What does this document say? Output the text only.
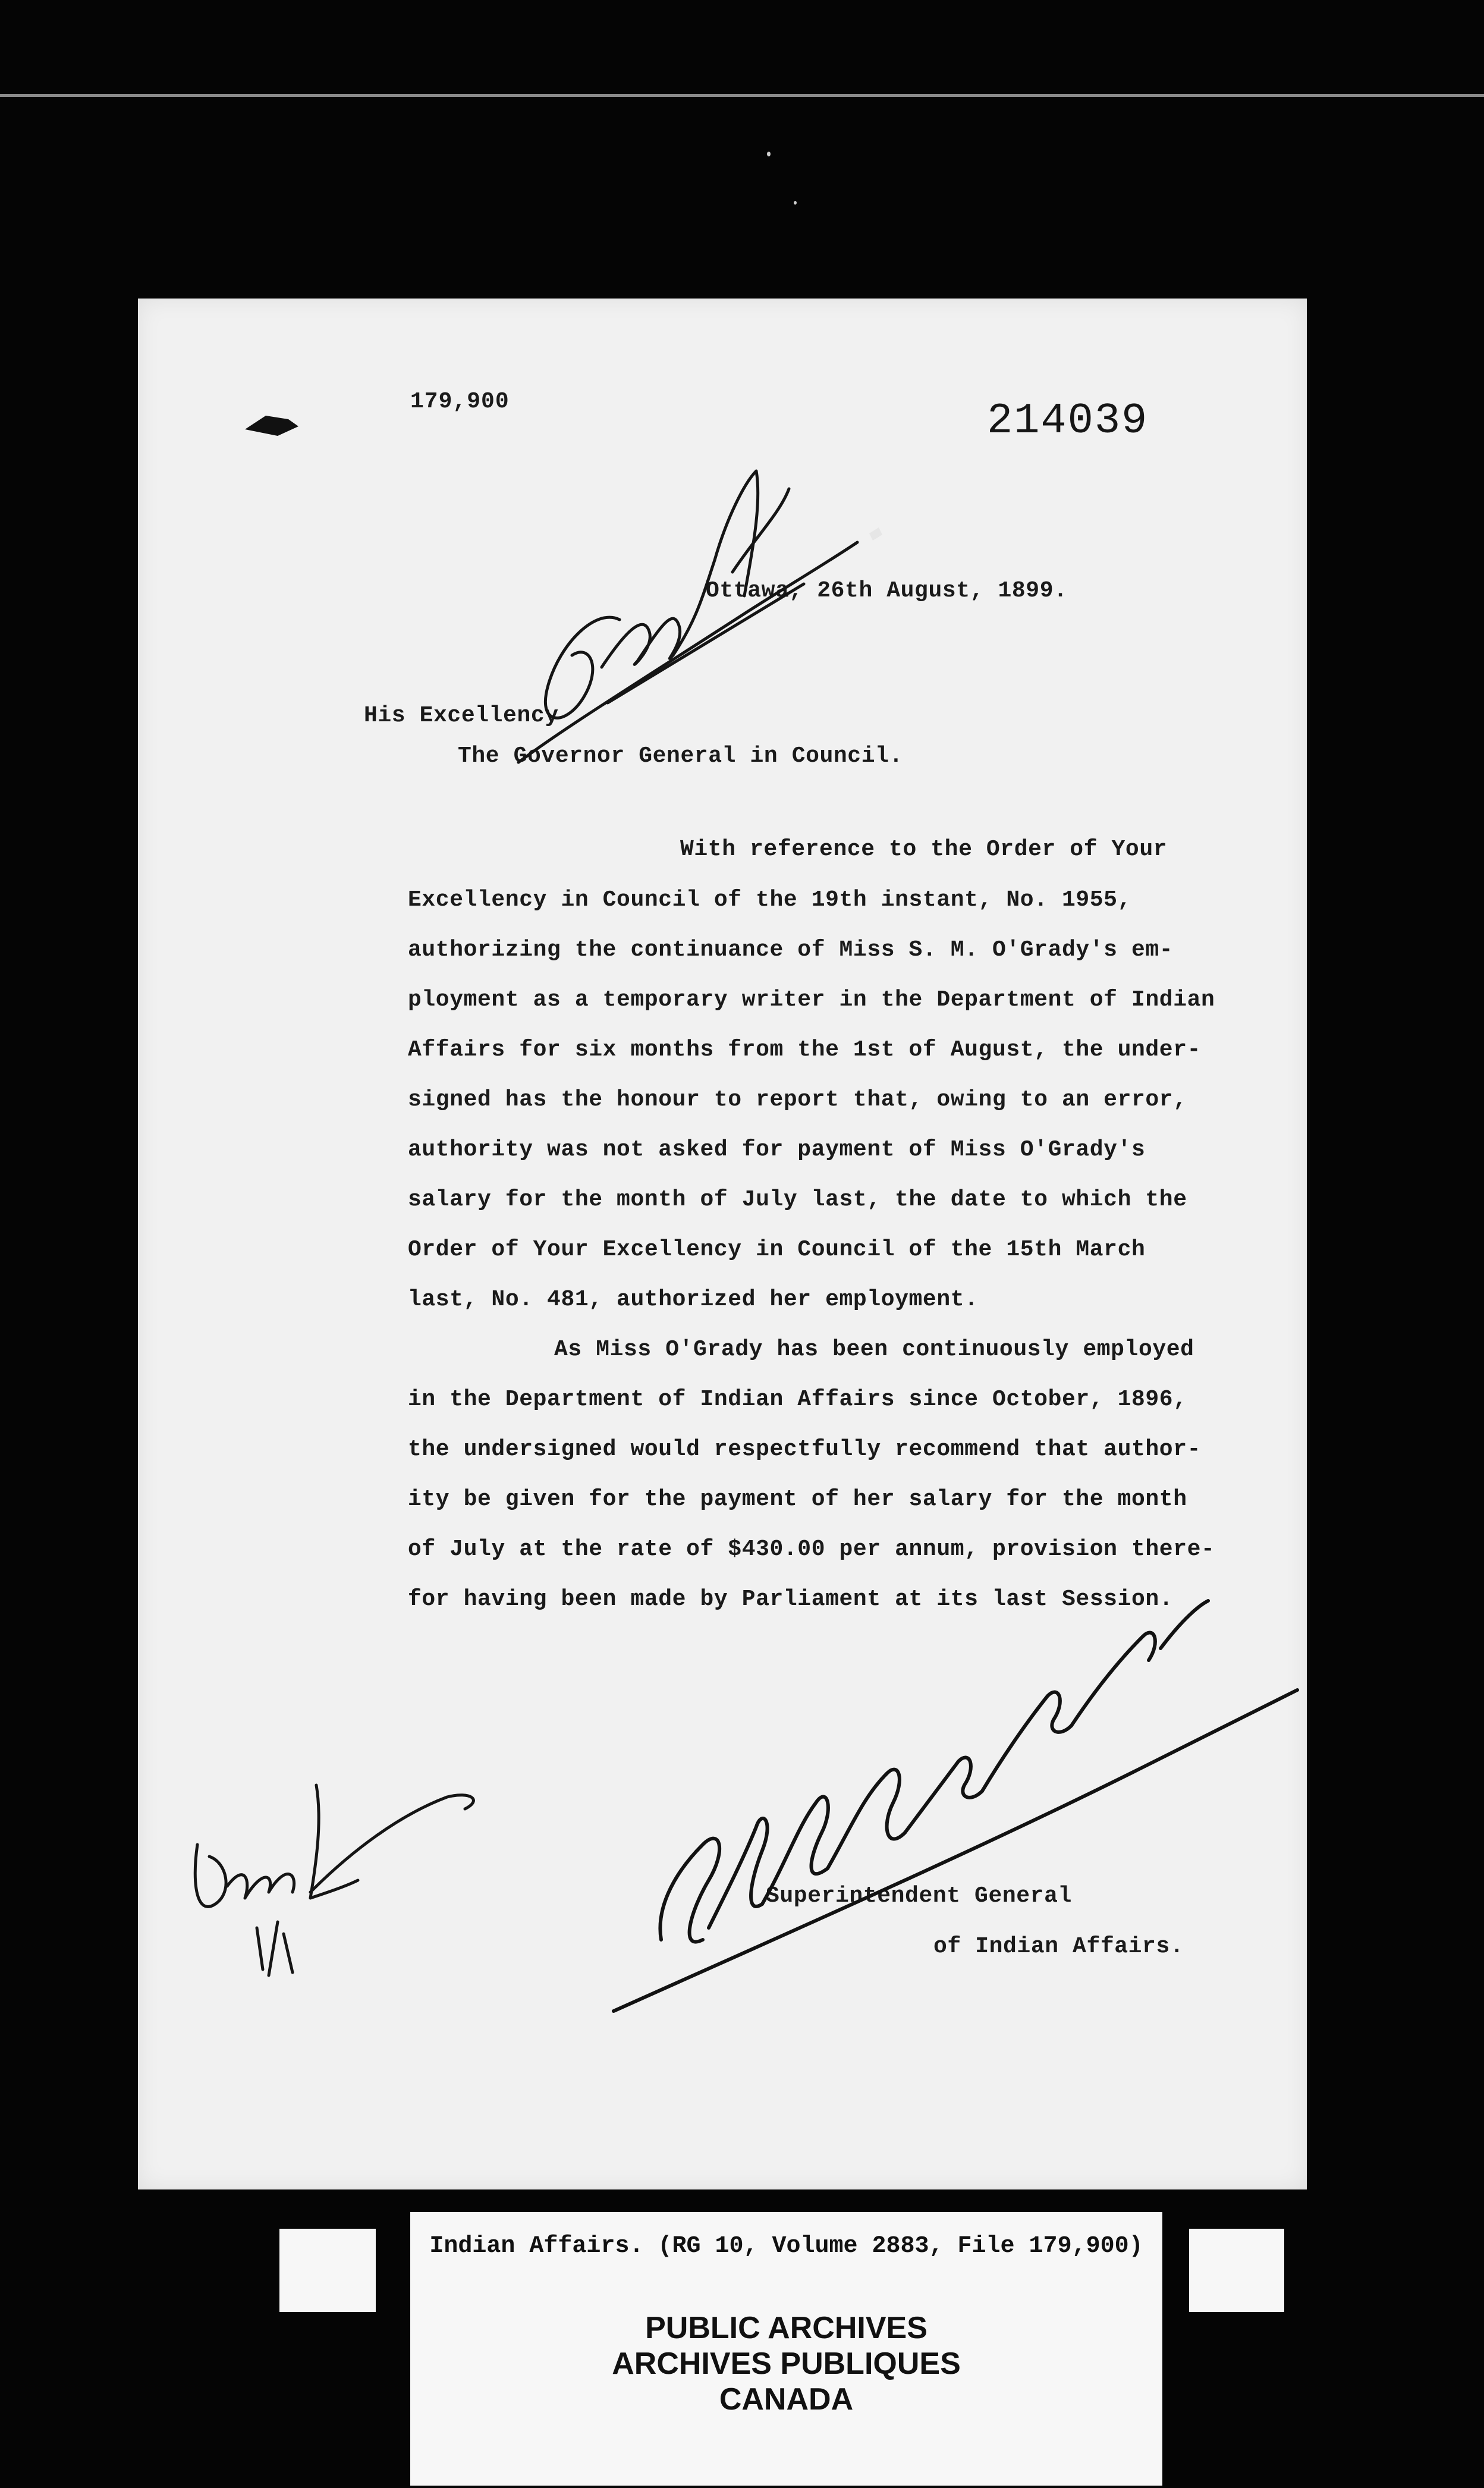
179,900	214039
Ottawa, 26th August, 1899.
His Excellency
The Governor General in Council.
With reference to the Order of Your
Excellency in Council of the 19th instant, No. 1955,
authorizing the continuance of Miss S. M. O'Grady's em-
ployment as a temporary writer in the Department of Indian
Affairs for six months from the 1st of August, the under-
signed has the honour to report that, owing to an error,
authority was not asked for payment of Miss O'Grady's
salary for the month of July last, the date to which the
Order of Your Excellency in Council of the 15th March
last, No. 481, authorized her employment.
As Miss O'Grady has been continuously employed
in the Department of Indian Affairs since October, 1896,
the undersigned would respectfully recommend that author-
ity be given for the payment of her salary for the month
of July at the rate of $430.00 per annum, provision there-
for having been made by Parliament at its last Session.
Superintendent General
of Indian Affairs.
Indian Affairs. (RG 10, Volume 2883, File 179,900)
PUBLIC ARCHIVES
ARCHIVES PUBLIQUES
CANADA
